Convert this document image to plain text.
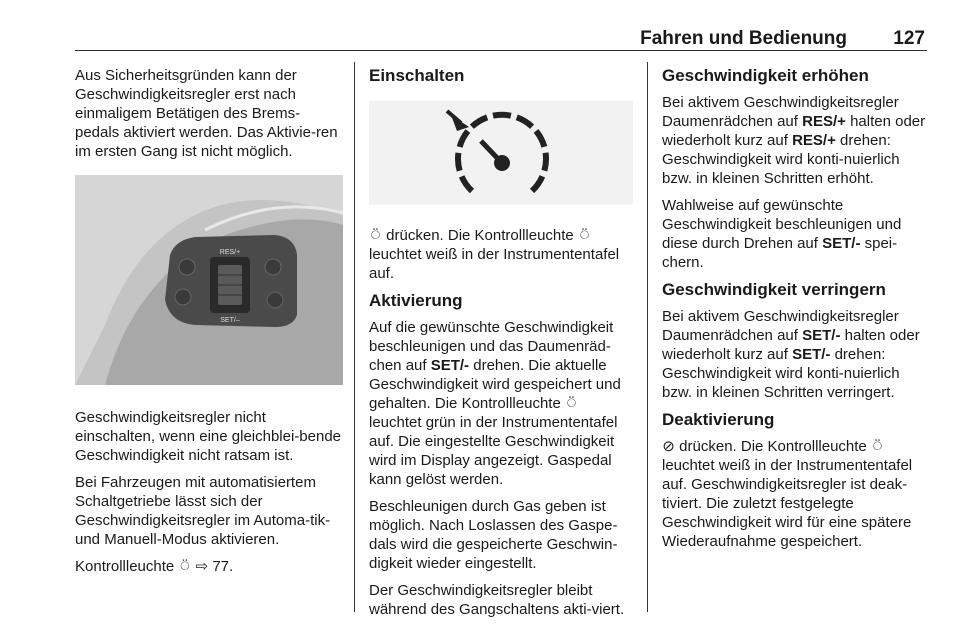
Fahren und Bedienung 127

Aus Sicherheitsgründen kann der Geschwindigkeitsregler erst nach einmaligem Betätigen des Brems-pedals aktiviert werden. Das Aktivie-ren im ersten Gang ist nicht möglich.

RES/+
SET/–

Geschwindigkeitsregler nicht einschalten, wenn eine gleichblei-bende Geschwindigkeit nicht ratsam ist.

Bei Fahrzeugen mit automatisiertem Schaltgetriebe lässt sich der Geschwindigkeitsregler im Automa-tik- und Manuell-Modus aktivieren.

Kontrollleuchte ⍥ ⇨ 77.

Einschalten

⍥ drücken. Die Kontrollleuchte ⍥ leuchtet weiß in der Instrumententafel auf.

Aktivierung

Auf die gewünschte Geschwindigkeit beschleunigen und das Daumenräd-chen auf SET/- drehen. Die aktuelle Geschwindigkeit wird gespeichert und gehalten. Die Kontrollleuchte ⍥ leuchtet grün in der Instrumententafel auf. Die eingestellte Geschwindigkeit wird im Display angezeigt. Gaspedal kann gelöst werden.

Beschleunigen durch Gas geben ist möglich. Nach Loslassen des Gaspe-dals wird die gespeicherte Geschwin-digkeit wieder eingestellt.

Der Geschwindigkeitsregler bleibt während des Gangschaltens akti-viert.

Geschwindigkeit erhöhen

Bei aktivem Geschwindigkeitsregler Daumenrädchen auf RES/+ halten oder wiederholt kurz auf RES/+ drehen: Geschwindigkeit wird konti-nuierlich bzw. in kleinen Schritten erhöht.

Wahlweise auf gewünschte Geschwindigkeit beschleunigen und diese durch Drehen auf SET/- spei-chern.

Geschwindigkeit verringern

Bei aktivem Geschwindigkeitsregler Daumenrädchen auf SET/- halten oder wiederholt kurz auf SET/- drehen: Geschwindigkeit wird konti-nuierlich bzw. in kleinen Schritten verringert.

Deaktivierung

⊘ drücken. Die Kontrollleuchte ⍥ leuchtet weiß in der Instrumententafel auf. Geschwindigkeitsregler ist deak-tiviert. Die zuletzt festgelegte Geschwindigkeit wird für eine spätere Wiederaufnahme gespeichert.
